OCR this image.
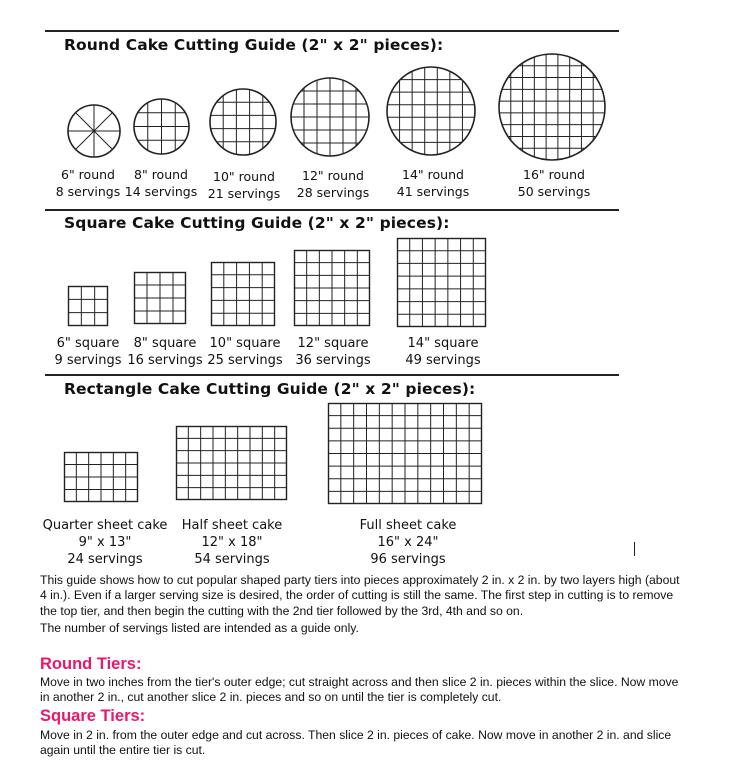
Round Cake Cutting Guide (2" x 2" pieces):
6" round
8 servings
8" round
14 servings
10" round
21 servings
12" round
28 servings
14" round
41 servings
16" round
50 servings
Square Cake Cutting Guide (2" x 2" pieces):
6" square
9 servings
8" square
16 servings
10" square
25 servings
12" square
36 servings
14" square
49 servings
Rectangle Cake Cutting Guide (2" x 2" pieces):
Quarter sheet cake
9" x 13"
24 servings
Half sheet cake
12" x 18"
54 servings
Full sheet cake
16" x 24"
96 servings

This guide shows how to cut popular shaped party tiers into pieces approximately 2 in. x 2 in. by two layers high (about 4 in.). Even if a larger serving size is desired, the order of cutting is still the same. The first step in cutting is to remove the top tier, and then begin the cutting with the 2nd tier followed by the 3rd, 4th and so on.

The number of servings listed are intended as a guide only.

Round Tiers:
Move in two inches from the tier's outer edge; cut straight across and then slice 2 in. pieces within the slice. Now move in another 2 in., cut another slice 2 in. pieces and so on until the tier is completely cut.
Square Tiers:
Move in 2 in. from the outer edge and cut across. Then slice 2 in. pieces of cake. Now move in another 2 in. and slice again until the entire tier is cut.
